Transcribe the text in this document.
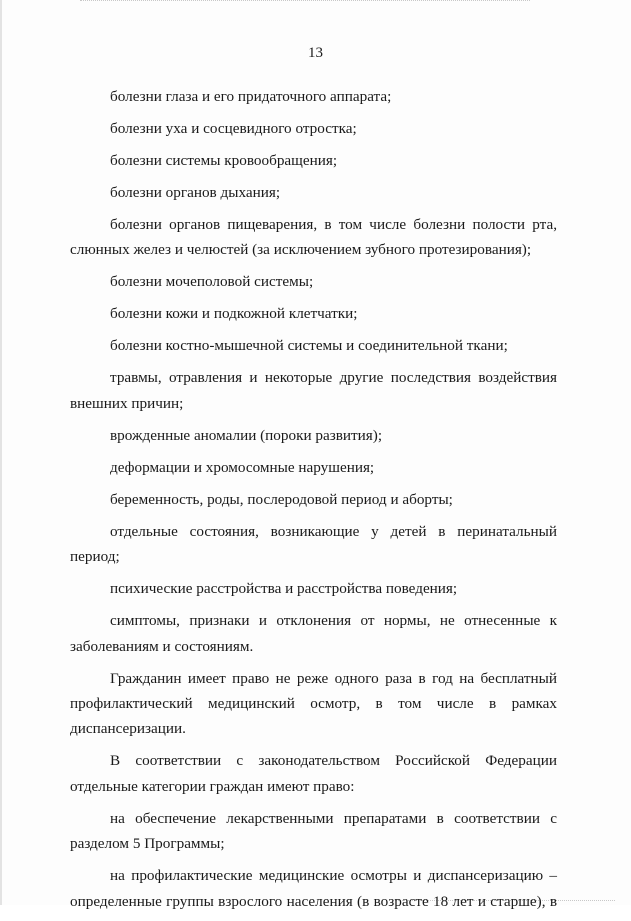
13
болезни глаза и его придаточного аппарата;
болезни уха и сосцевидного отростка;
болезни системы кровообращения;
болезни органов дыхания;
болезни органов пищеварения, в том числе болезни полости рта,
слюнных желез и челюстей (за исключением зубного протезирования);
болезни мочеполовой системы;
болезни кожи и подкожной клетчатки;
болезни костно-мышечной системы и соединительной ткани;
травмы, отравления и некоторые другие последствия воздействия
внешних причин;
врожденные аномалии (пороки развития);
деформации и хромосомные нарушения;
беременность, роды, послеродовой период и аборты;
отдельные состояния, возникающие у детей в перинатальный
период;
психические расстройства и расстройства поведения;
симптомы, признаки и отклонения от нормы, не отнесенные к
заболеваниям и состояниям.
Гражданин имеет право не реже одного раза в год на бесплатный
профилактический медицинский осмотр, в том числе в рамках
диспансеризации.
В соответствии с законодательством Российской Федерации
отдельные категории граждан имеют право:
на обеспечение лекарственными препаратами в соответствии с
разделом 5 Программы;
на профилактические медицинские осмотры и диспансеризацию –
определенные группы взрослого населения (в возрасте 18 лет и старше), в
